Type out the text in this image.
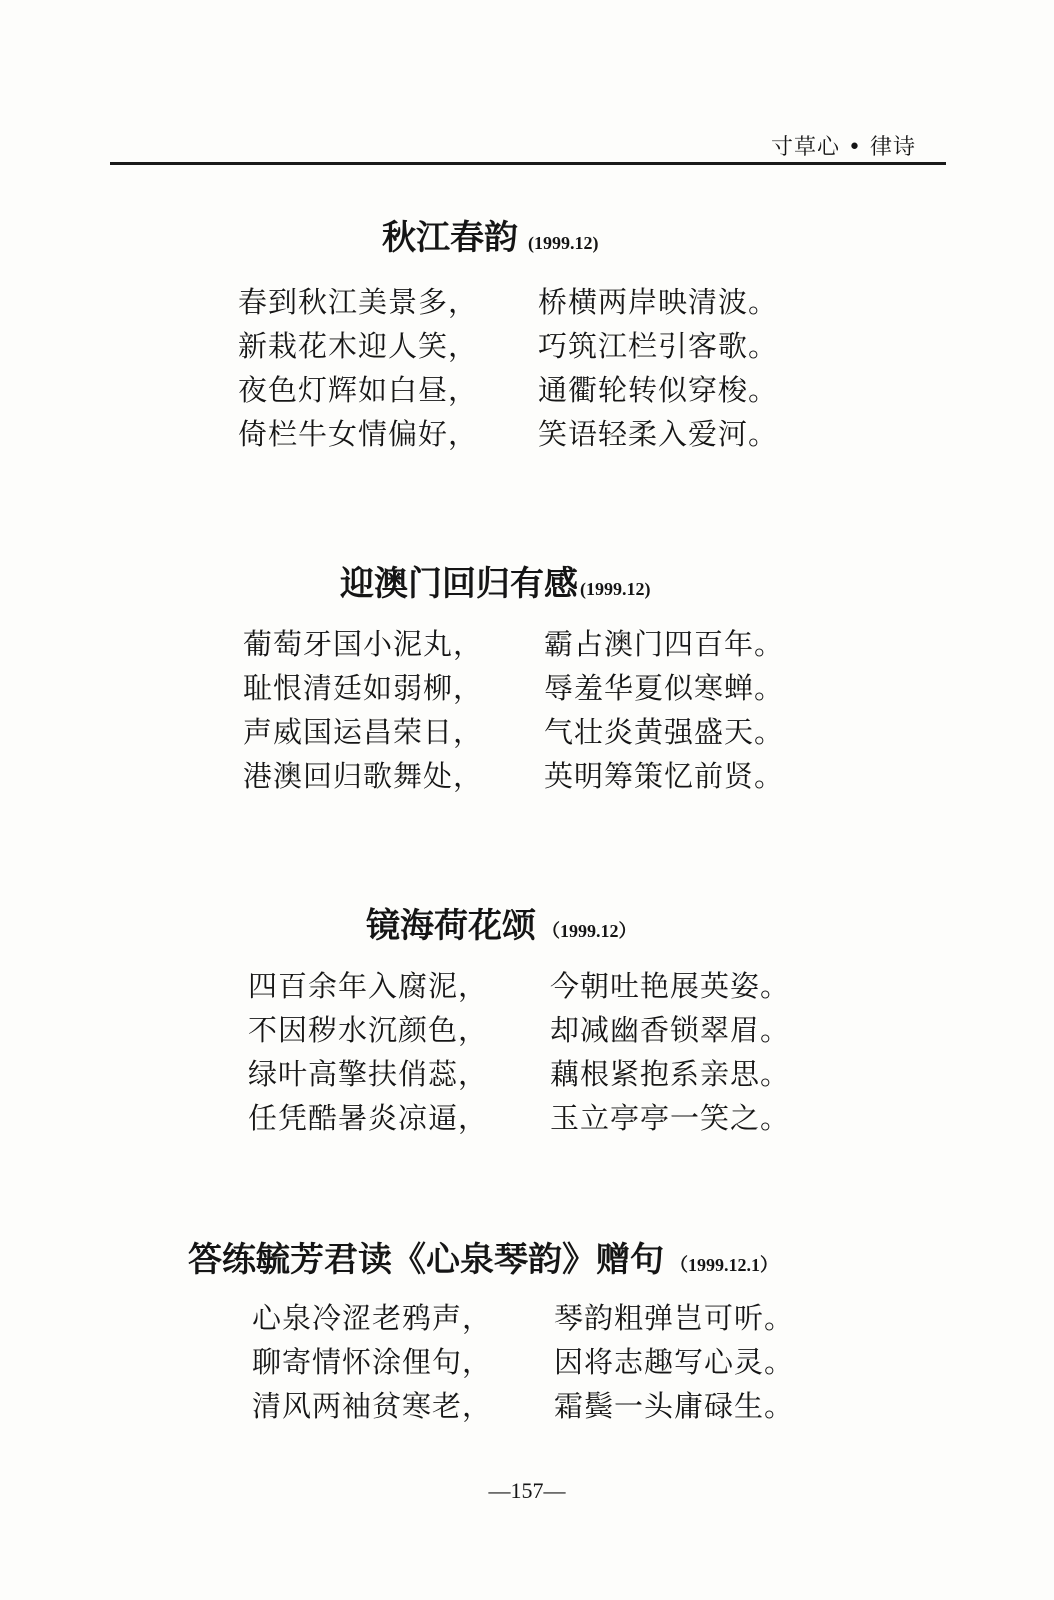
寸草心 • 律诗
秋江春韵 (1999.12)
春到秋江美景多， 桥横两岸映清波。
新栽花木迎人笑， 巧筑江栏引客歌。
夜色灯辉如白昼， 通衢轮转似穿梭。
倚栏牛女情偏好， 笑语轻柔入爱河。
迎澳门回归有感 (1999.12)
葡萄牙国小泥丸， 霸占澳门四百年。
耻恨清廷如弱柳， 辱羞华夏似寒蝉。
声威国运昌荣日， 气壮炎黄强盛天。
港澳回归歌舞处， 英明筹策忆前贤。
镜海荷花颂 （1999.12）
四百余年入腐泥， 今朝吐艳展英姿。
不因秽水沉颜色， 却减幽香锁翠眉。
绿叶高擎扶俏蕊， 藕根紧抱系亲思。
任凭酷暑炎凉逼， 玉立亭亭一笑之。
答练毓芳君读《心泉琴韵》赠句 （1999.12.1）
心泉冷涩老鸦声， 琴韵粗弹岂可听。
聊寄情怀涂俚句， 因将志趣写心灵。
清风两袖贫寒老， 霜鬓一头庸碌生。
—157—
